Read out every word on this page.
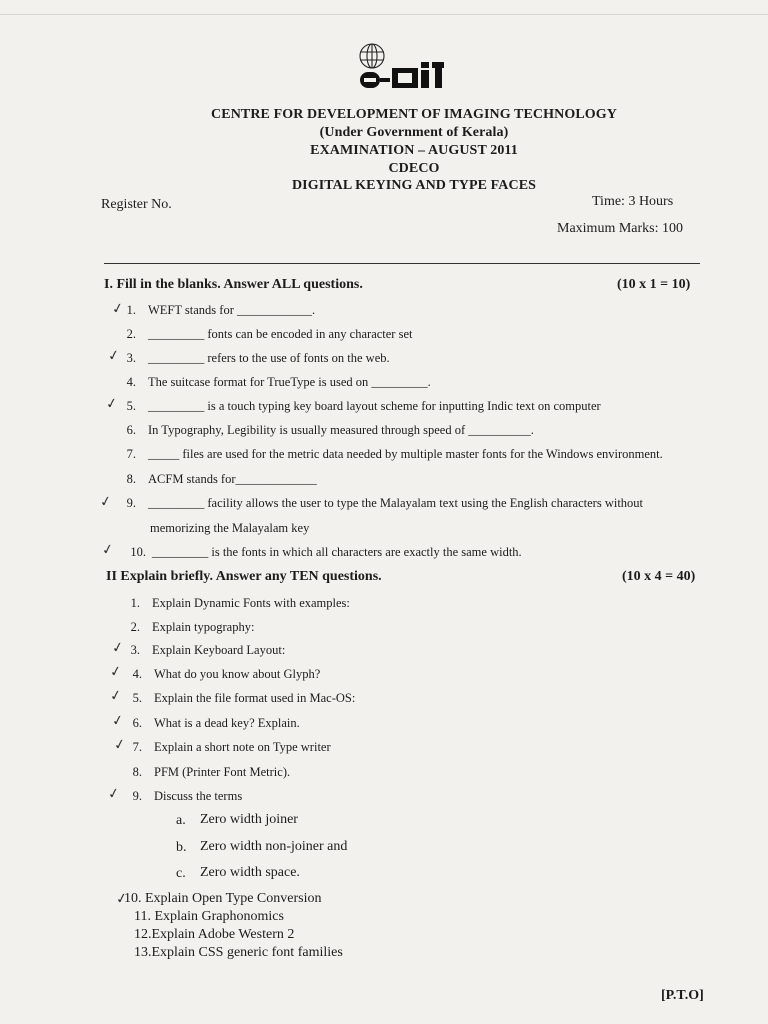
CENTRE FOR DEVELOPMENT OF IMAGING TECHNOLOGY
(Under Government of Kerala)
EXAMINATION – AUGUST 2011
CDECO
DIGITAL KEYING AND TYPE FACES
Register No.	Time: 3 Hours
Maximum Marks: 100
I. Fill in the blanks. Answer ALL questions.	(10 x 1 = 10)
✓ 1. WEFT stands for ____________.
2. _________ fonts can be encoded in any character set
✓ 3. _________ refers to the use of fonts on the web.
4. The suitcase format for TrueType is used on _________.
✓ 5. _________ is a touch typing key board layout scheme for inputting Indic text on computer
6. In Typography, Legibility is usually measured through speed of __________.
7. _____ files are used for the metric data needed by multiple master fonts for the Windows environment.
8. ACFM stands for_____________
✓	9. _________ facility allows the user to type the Malayalam text using the English characters without
memorizing the Malayalam key
✓	10. _________ is the fonts in which all characters are exactly the same width.
II Explain briefly. Answer any TEN questions.	(10 x 4 = 40)
1. Explain Dynamic Fonts with examples:
2. Explain typography:
✓ 3. Explain Keyboard Layout:
✓ 4. What do you know about Glyph?
✓ 5. Explain the file format used in Mac-OS:
✓ 6. What is a dead key? Explain.
✓ 7. Explain a short note on Type writer
8. PFM (Printer Font Metric).
✓ 9. Discuss the terms
a. Zero width joiner
b. Zero width non-joiner and
c. Zero width space.
✓
10. Explain Open Type Conversion
11. Explain Graphonomics
12.Explain Adobe Western 2
13.Explain CSS generic font families
[P.T.O]
